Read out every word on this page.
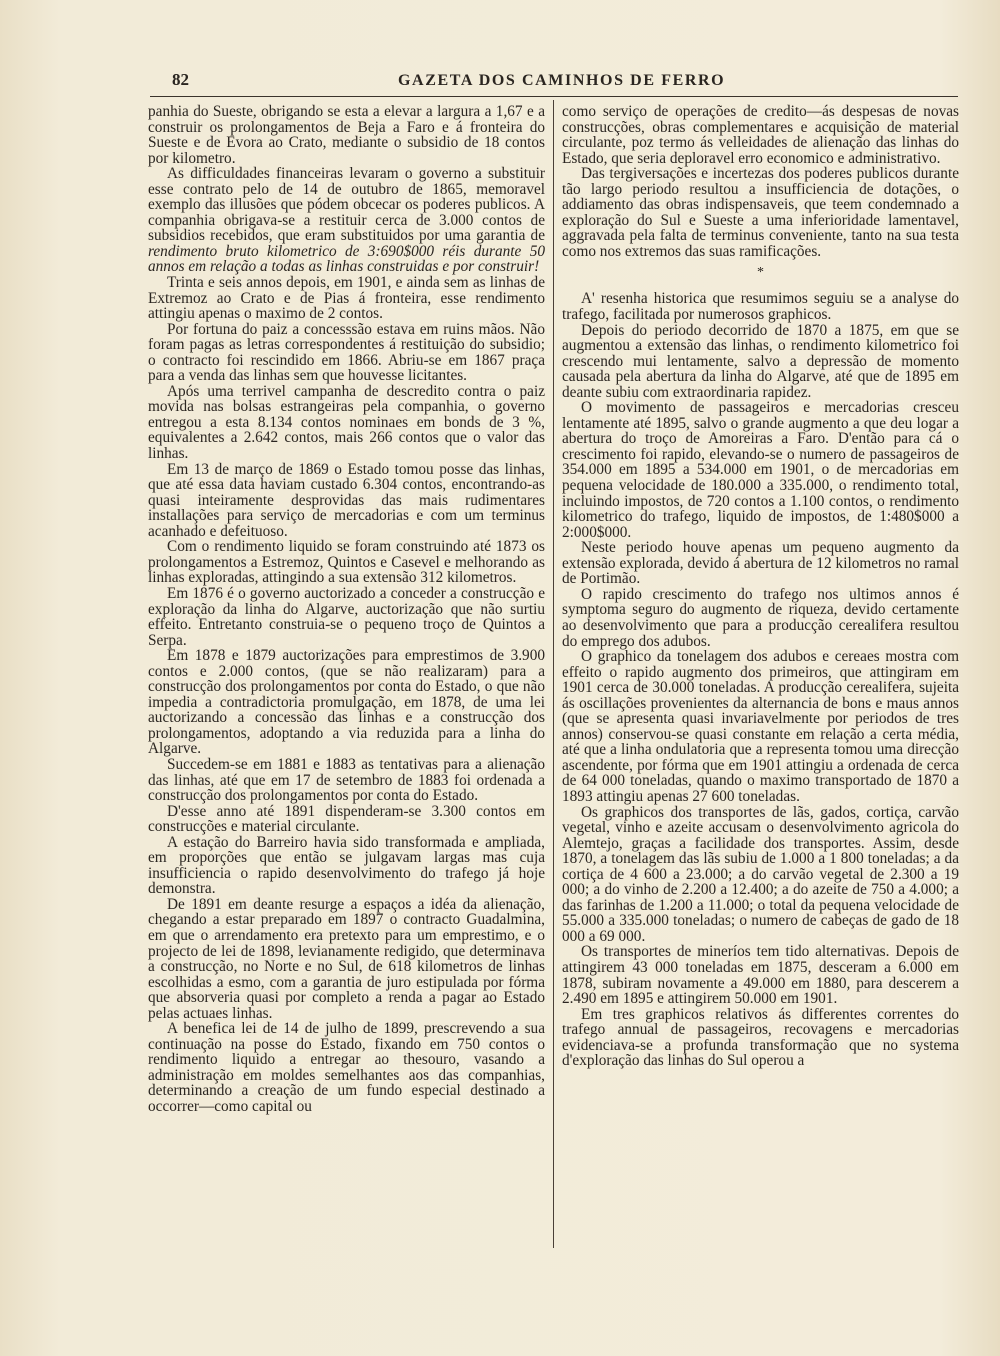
82	GAZETA DOS CAMINHOS DE FERRO

panhia do Sueste, obrigando se esta a elevar a largura a 1,67 e a construir os prolongamentos de Beja a Faro e á fronteira do Sueste e de Evora ao Crato, mediante o subsidio de 18 contos por kilometro.

As difficuldades financeiras levaram o governo a substituir esse contrato pelo de 14 de outubro de 1865, memoravel exemplo das illusões que pódem obcecar os poderes publicos. A companhia obrigava-se a restituir cerca de 3.000 contos de subsidios recebidos, que eram substituidos por uma garantia de rendimento bruto kilometrico de 3:690$000 réis durante 50 annos em relação a todas as linhas construidas e por construir!

Trinta e seis annos depois, em 1901, e ainda sem as linhas de Extremoz ao Crato e de Pias á fronteira, esse rendimento attingiu apenas o maximo de 2 contos.

Por fortuna do paiz a concesssão estava em ruins mãos. Não foram pagas as letras correspondentes á restituição do subsidio; o contracto foi rescindido em 1866. Abriu-se em 1867 praça para a venda das linhas sem que houvesse licitantes.

Após uma terrivel campanha de descredito contra o paiz movida nas bolsas estrangeiras pela companhia, o governo entregou a esta 8.134 contos nominaes em bonds de 3 %, equivalentes a 2.642 contos, mais 266 contos que o valor das linhas.

Em 13 de março de 1869 o Estado tomou posse das linhas, que até essa data haviam custado 6.304 contos, encontrando-as quasi inteiramente desprovidas das mais rudimentares installações para serviço de mercadorias e com um terminus acanhado e defeituoso.

Com o rendimento liquido se foram construindo até 1873 os prolongamentos a Estremoz, Quintos e Casevel e melhorando as linhas exploradas, attingindo a sua extensão 312 kilometros.

Em 1876 é o governo auctorizado a conceder a construcção e exploração da linha do Algarve, auctorização que não surtiu effeito. Entretanto construia-se o pequeno troço de Quintos a Serpa.

Em 1878 e 1879 auctorizações para emprestimos de 3.900 contos e 2.000 contos, (que se não realizaram) para a construcção dos prolongamentos por conta do Estado, o que não impedia a contradictoria promulgação, em 1878, de uma lei auctorizando a concessão das linhas e a construcção dos prolongamentos, adoptando a via reduzida para a linha do Algarve.

Succedem-se em 1881 e 1883 as tentativas para a alienação das linhas, até que em 17 de setembro de 1883 foi ordenada a construcção dos prolongamentos por conta do Estado.

D'esse anno até 1891 dispenderam-se 3.300 contos em construcções e material circulante.

A estação do Barreiro havia sido transformada e ampliada, em proporções que então se julgavam largas mas cuja insufficiencia o rapido desenvolvimento do trafego já hoje demonstra.

De 1891 em deante resurge a espaços a idéa da alienação, chegando a estar preparado em 1897 o contracto Guadalmina, em que o arrendamento era pretexto para um emprestimo, e o projecto de lei de 1898, levianamente redigido, que determinava a construcção, no Norte e no Sul, de 618 kilometros de linhas escolhidas a esmo, com a garantia de juro estipulada por fórma que absorveria quasi por completo a renda a pagar ao Estado pelas actuaes linhas.

A benefica lei de 14 de julho de 1899, prescrevendo a sua continuação na posse do Estado, fixando em 750 contos o rendimento liquido a entregar ao thesouro, vasando a administração em moldes semelhantes aos das companhias, determinando a creação de um fundo especial destinado a occorrer—como capital ou

como serviço de operações de credito—ás despesas de novas construcções, obras complementares e acquisição de material circulante, poz termo ás velleidades de alienação das linhas do Estado, que seria deploravel erro economico e administrativo.

Das tergiversações e incertezas dos poderes publicos durante tão largo periodo resultou a insufficiencia de dotações, o addiamento das obras indispensaveis, que teem condemnado a exploração do Sul e Sueste a uma inferioridade lamentavel, aggravada pela falta de terminus conveniente, tanto na sua testa como nos extremos das suas ramificações.

*

A' resenha historica que resumimos seguiu se a analyse do trafego, facilitada por numerosos graphicos.

Depois do periodo decorrido de 1870 a 1875, em que se augmentou a extensão das linhas, o rendimento kilometrico foi crescendo mui lentamente, salvo a depressão de momento causada pela abertura da linha do Algarve, até que de 1895 em deante subiu com extraordinaria rapidez.

O movimento de passageiros e mercadorias cresceu lentamente até 1895, salvo o grande augmento a que deu logar a abertura do troço de Amoreiras a Faro. D'então para cá o crescimento foi rapido, elevando-se o numero de passageiros de 354.000 em 1895 a 534.000 em 1901, o de mercadorias em pequena velocidade de 180.000 a 335.000, o rendimento total, incluindo impostos, de 720 contos a 1.100 contos, o rendimento kilometrico do trafego, liquido de impostos, de 1:480$000 a 2:000$000.

Neste periodo houve apenas um pequeno augmento da extensão explorada, devido á abertura de 12 kilometros no ramal de Portimão.

O rapido crescimento do trafego nos ultimos annos é symptoma seguro do augmento de riqueza, devido certamente ao desenvolvimento que para a producção cerealifera resultou do emprego dos adubos.

O graphico da tonelagem dos adubos e cereaes mostra com effeito o rapido augmento dos primeiros, que attingiram em 1901 cerca de 30.000 toneladas. A producção cerealifera, sujeita ás oscillações provenientes da alternancia de bons e maus annos (que se apresenta quasi invariavelmente por periodos de tres annos) conservou-se quasi constante em relação a certa média, até que a linha ondulatoria que a representa tomou uma direcção ascendente, por fórma que em 1901 attingiu a ordenada de cerca de 64 000 toneladas, quando o maximo transportado de 1870 a 1893 attingiu apenas 27 600 toneladas.

Os graphicos dos transportes de lãs, gados, cortiça, carvão vegetal, vinho e azeite accusam o desenvolvimento agricola do Alemtejo, graças a facilidade dos transportes. Assim, desde 1870, a tonelagem das lãs subiu de 1.000 a 1 800 toneladas; a da cortiça de 4 600 a 23.000; a do carvão vegetal de 2.300 a 19 000; a do vinho de 2.200 a 12.400; a do azeite de 750 a 4.000; a das farinhas de 1.200 a 11.000; o total da pequena velocidade de 55.000 a 335.000 toneladas; o numero de cabeças de gado de 18 000 a 69 000.

Os transportes de mineríos tem tido alternativas. Depois de attingirem 43 000 toneladas em 1875, desceram a 6.000 em 1878, subiram novamente a 49.000 em 1880, para descerem a 2.490 em 1895 e attingirem 50.000 em 1901.

Em tres graphicos relativos ás differentes correntes do trafego annual de passageiros, recovagens e mercadorias evidenciava-se a profunda transformação que no systema d'exploração das linhas do Sul operou a
